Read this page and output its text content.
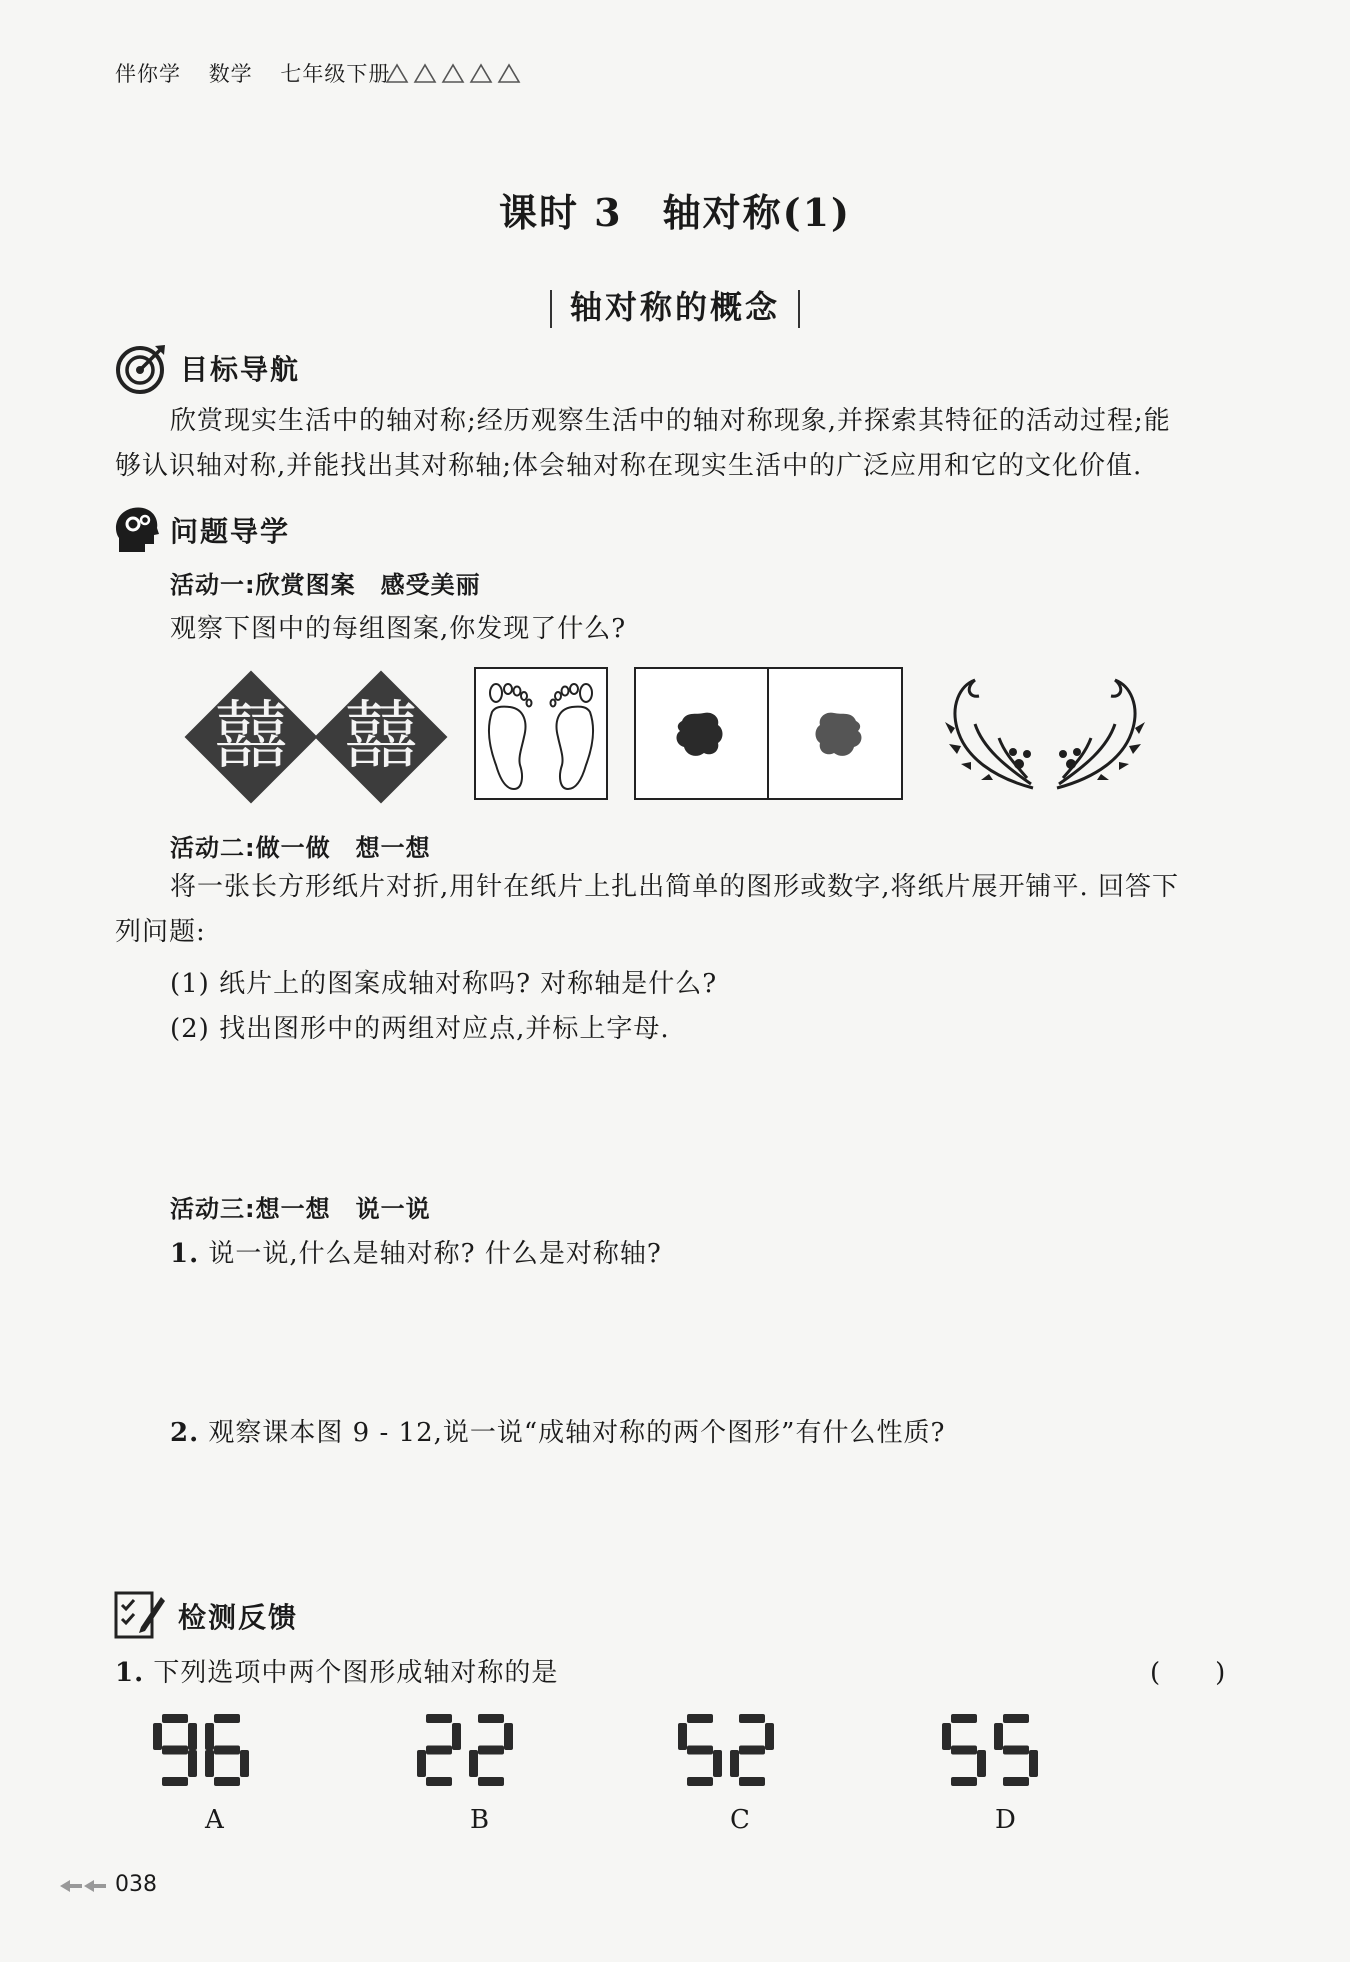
伴你学 数学 七年级下册
课时 3　轴对称(1)
轴对称的概念
目标导航
欣赏现实生活中的轴对称;经历观察生活中的轴对称现象,并探索其特征的活动过程;能
够认识轴对称,并能找出其对称轴;体会轴对称在现实生活中的广泛应用和它的文化价值.
问题导学
活动一:欣赏图案　感受美丽
观察下图中的每组图案,你发现了什么?
囍 囍
活动二:做一做　想一想
将一张长方形纸片对折,用针在纸片上扎出简单的图形或数字,将纸片展开铺平. 回答下
列问题:
(1) 纸片上的图案成轴对称吗? 对称轴是什么?
(2) 找出图形中的两组对应点,并标上字母.
活动三:想一想　说一说
1. 说一说,什么是轴对称? 什么是对称轴?
2. 观察课本图 9 - 12,说一说“成轴对称的两个图形”有什么性质?
检测反馈
1. 下列选项中两个图形成轴对称的是	(　　)
A	B	C	D
038
